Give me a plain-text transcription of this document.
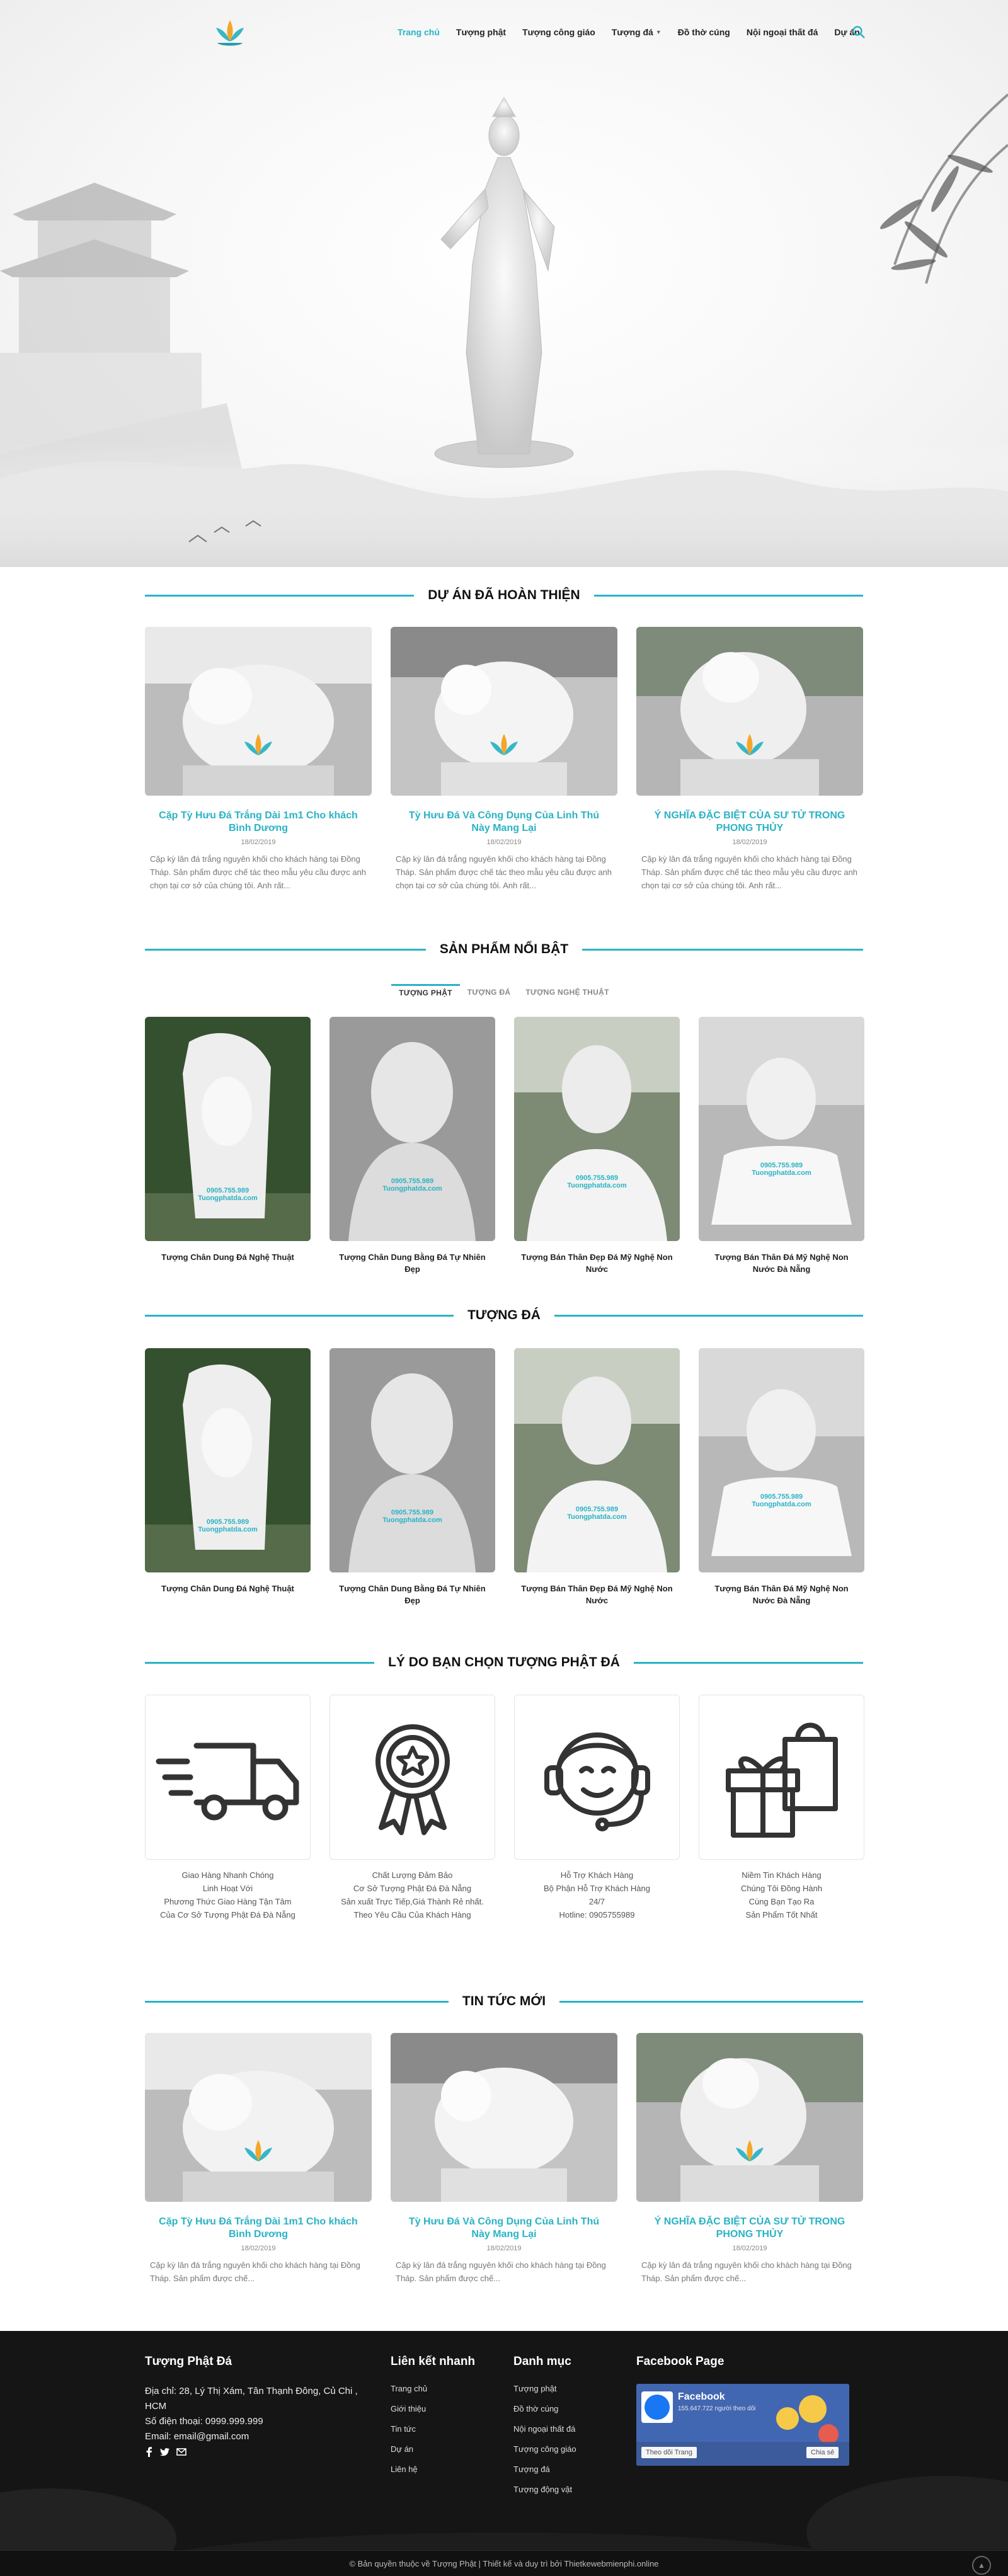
Trang chủ Tượng phật Tượng công giáo Tượng đá ▼ Đồ thờ cúng Nội ngoại thất đá Dự án
DỰ ÁN ĐÃ HOÀN THIỆN
Cặp Tỳ Hưu Đá Trắng Dài 1m1 Cho khách Bình Dương
18/02/2019
Cặp kỳ lân đá trắng nguyên khối cho khách hàng tại Đồng Tháp. Sản phẩm được chế tác theo mẫu yêu cầu được anh chọn tại cơ sở của chúng tôi. Anh rất...
Tỳ Hưu Đá Và Công Dụng Của Linh Thú Này Mang Lại
18/02/2019
Cặp kỳ lân đá trắng nguyên khối cho khách hàng tại Đồng Tháp. Sản phẩm được chế tác theo mẫu yêu cầu được anh chọn tại cơ sở của chúng tôi. Anh rất...
Ý NGHĨA ĐẶC BIỆT CỦA SƯ TỬ TRONG PHONG THỦY
18/02/2019
Cặp kỳ lân đá trắng nguyên khối cho khách hàng tại Đồng Tháp. Sản phẩm được chế tác theo mẫu yêu cầu được anh chọn tại cơ sở của chúng tôi. Anh rất...
SẢN PHẨM NỔI BẬT
TƯỢNG PHẬT	TƯỢNG ĐÁ	TƯỢNG NGHỆ THUẬT
0905.755.989
Tuongphatda.com
Tượng Chân Dung Đá Nghệ Thuật
0905.755.989
Tuongphatda.com
Tượng Chân Dung Bằng Đá Tự Nhiên Đẹp
0905.755.989
Tuongphatda.com
Tượng Bán Thân Đẹp Đá Mỹ Nghệ Non Nước
0905.755.989
Tuongphatda.com
Tượng Bán Thân Đá Mỹ Nghệ Non Nước Đà Nẵng
TƯỢNG ĐÁ
0905.755.989
Tuongphatda.com
Tượng Chân Dung Đá Nghệ Thuật
0905.755.989
Tuongphatda.com
Tượng Chân Dung Bằng Đá Tự Nhiên Đẹp
0905.755.989
Tuongphatda.com
Tượng Bán Thân Đẹp Đá Mỹ Nghệ Non Nước
0905.755.989
Tuongphatda.com
Tượng Bán Thân Đá Mỹ Nghệ Non Nước Đà Nẵng
LÝ DO BẠN CHỌN TƯỢNG PHẬT ĐÁ
Giao Hàng Nhanh Chóng
Linh Hoạt Với
Phương Thức Giao Hàng Tận Tâm
Của Cơ Sở Tượng Phật Đá Đà Nẵng
Chất Lượng Đảm Bảo
Cơ Sở Tượng Phật Đá Đà Nẵng
Sản xuất Trực Tiếp,Giá Thành Rẻ nhất.
Theo Yêu Cầu Của Khách Hàng
Hỗ Trợ Khách Hàng
Bộ Phận Hỗ Trợ Khách Hàng
24/7
Hotline: 0905755989
Niềm Tin Khách Hàng
Chúng Tôi Đồng Hành
Cùng Bạn Tạo Ra
Sản Phẩm Tốt Nhất
TIN TỨC MỚI
Cặp Tỳ Hưu Đá Trắng Dài 1m1 Cho khách Bình Dương
18/02/2019
Cặp kỳ lân đá trắng nguyên khối cho khách hàng tại Đồng Tháp. Sản phẩm được chế...
Tỳ Hưu Đá Và Công Dụng Của Linh Thú Này Mang Lại
18/02/2019
Cặp kỳ lân đá trắng nguyên khối cho khách hàng tại Đồng Tháp. Sản phẩm được chế...
Ý NGHĨA ĐẶC BIỆT CỦA SƯ TỬ TRONG PHONG THỦY
18/02/2019
Cặp kỳ lân đá trắng nguyên khối cho khách hàng tại Đồng Tháp. Sản phẩm được chế...
Tượng Phật Đá
Địa chỉ: 28, Lý Thị Xám, Tân Thạnh Đông, Củ Chi , HCM
Số điện thoại: 0999.999.999
Email: email@gmail.com
Liên kết nhanh
Trang chủ
Giới thiệu
Tin tức
Dự án
Liên hệ
Danh mục
Tượng phật
Đồ thờ cúng
Nội ngoại thất đá
Tượng công giáo
Tượng đá
Tượng động vật
Facebook Page
Facebook
155.647.722 người theo dõi
Theo dõi Trang	Chia sẻ
© Bản quyền thuộc về Tượng Phật | Thiết kế và duy trì bởi Thietkewebmienphi.online	▲
